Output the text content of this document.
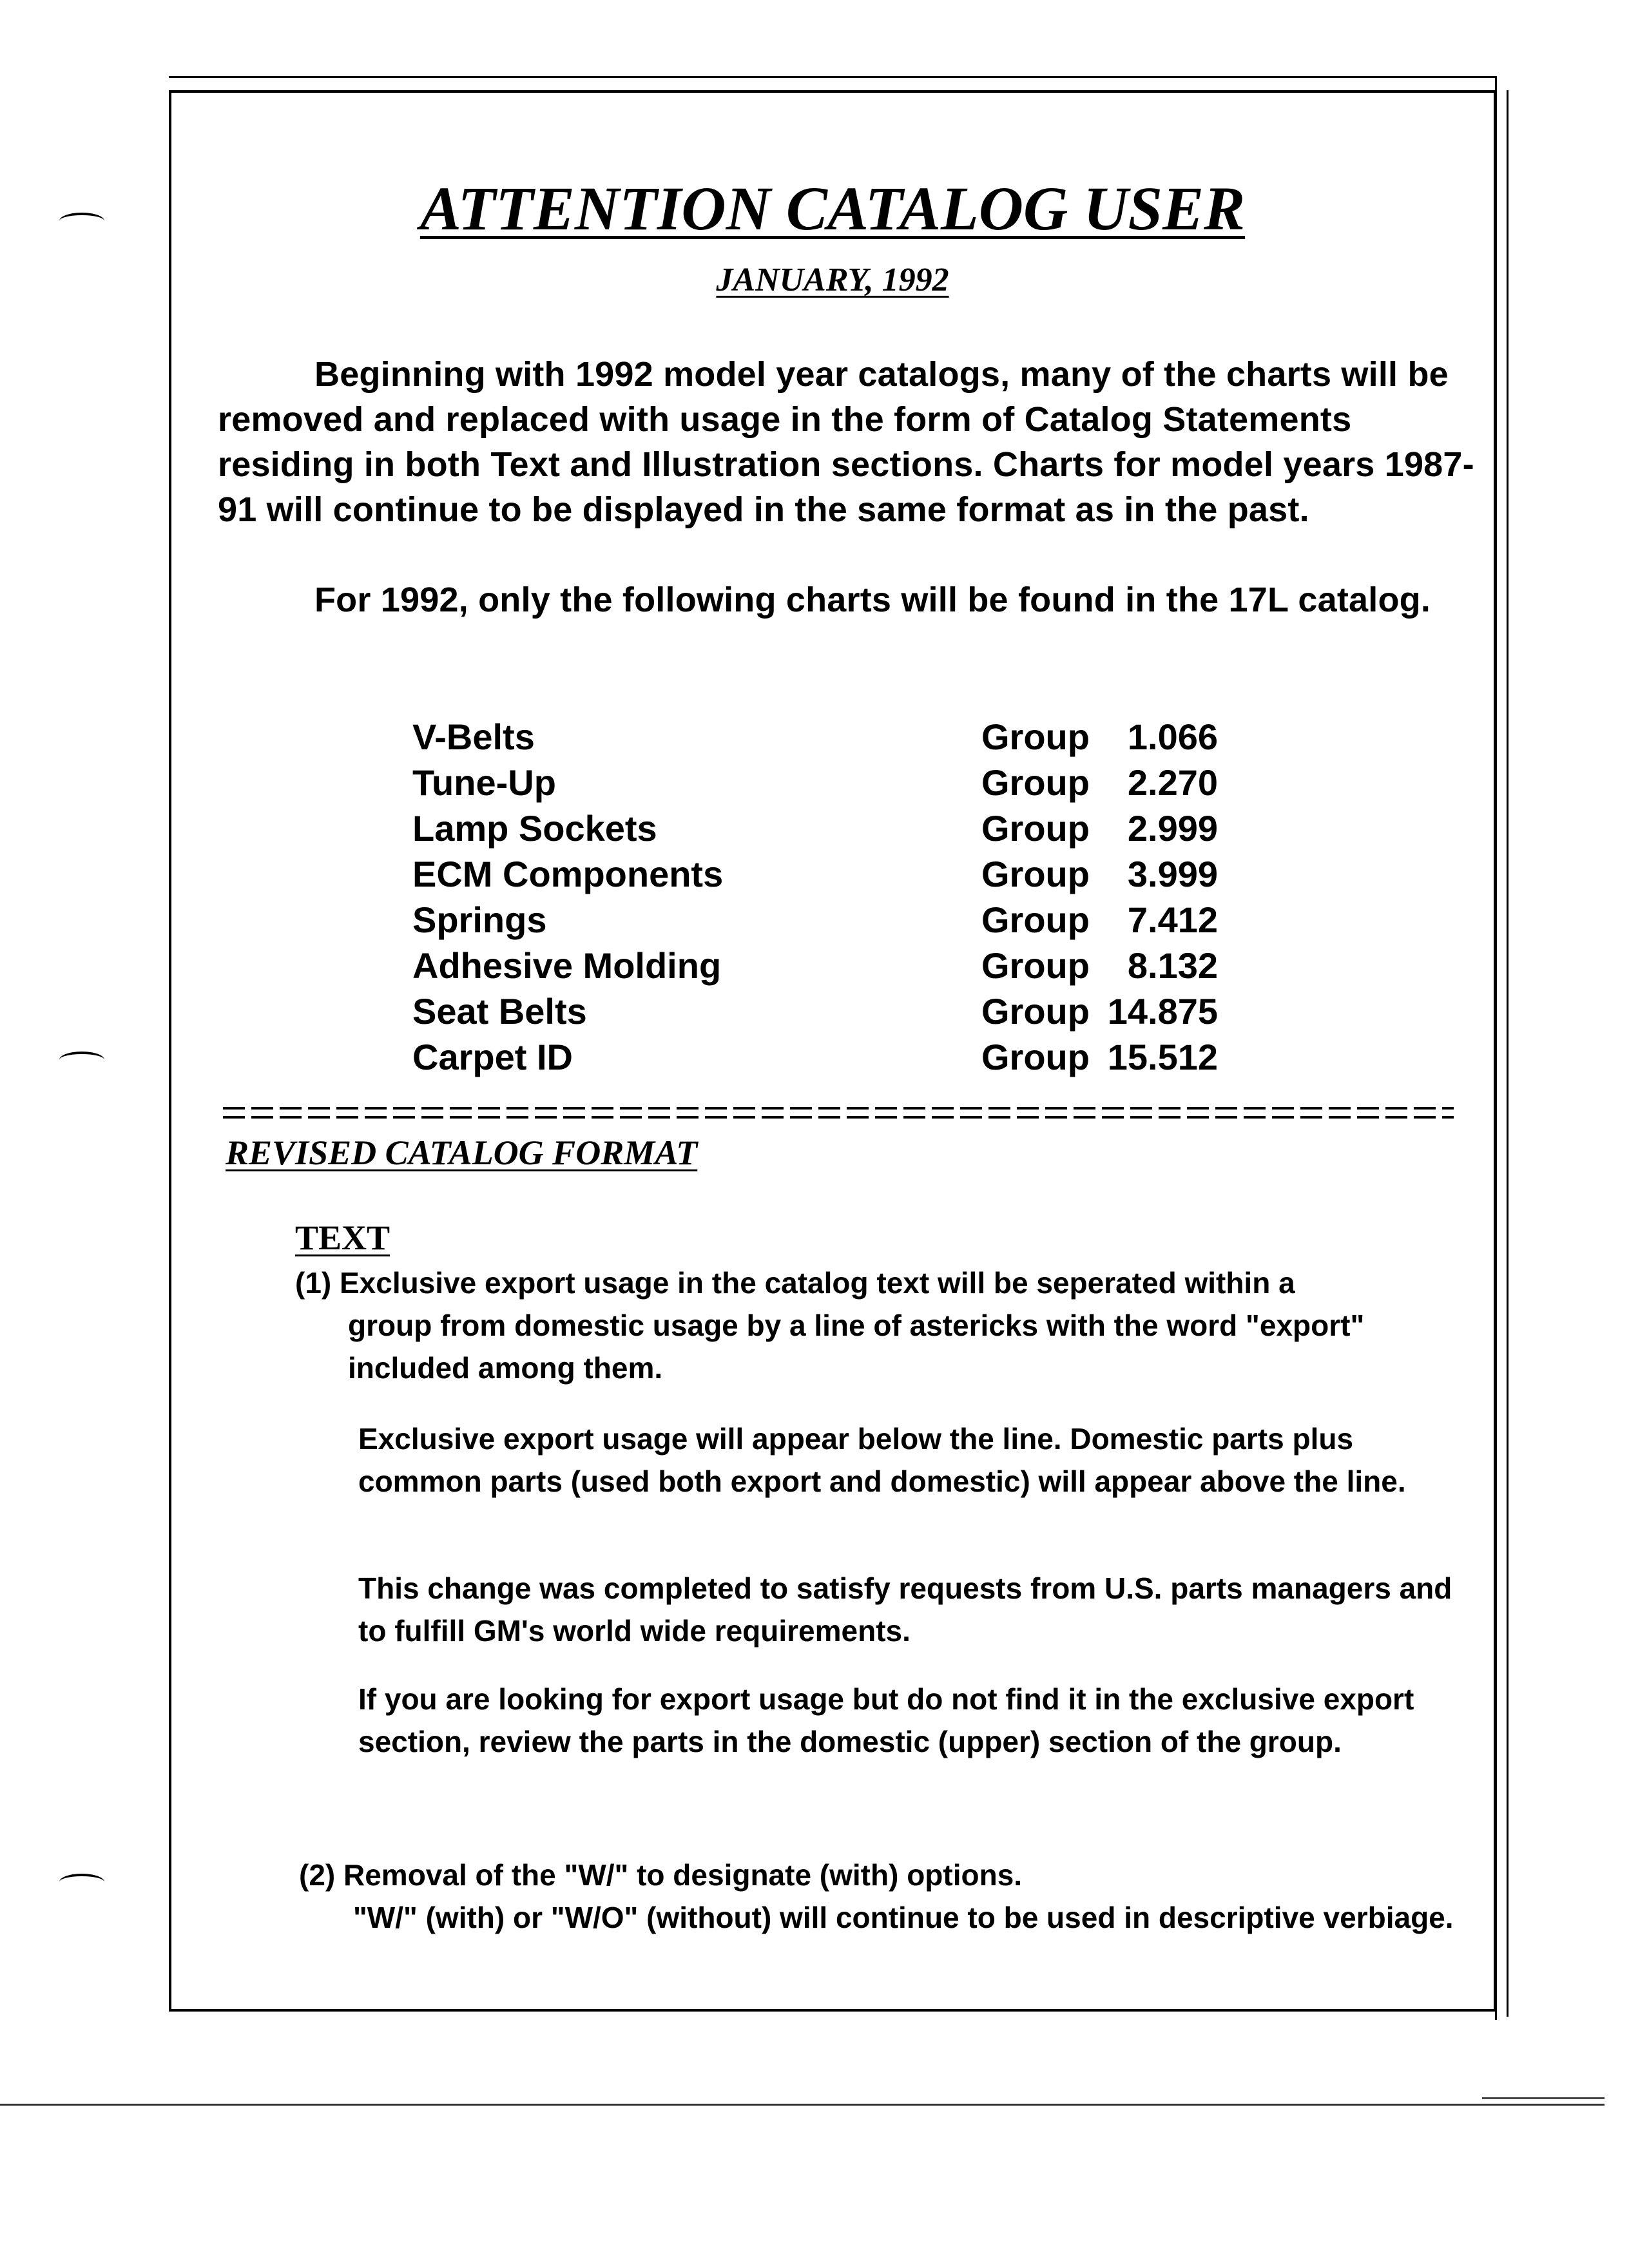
ATTENTION CATALOG USER
JANUARY, 1992
Beginning with 1992 model year catalogs, many of the charts will be removed and replaced with usage in the form of Catalog Statements residing in both Text and Illustration sections. Charts for model years 1987-91 will continue to be displayed in the same format as in the past.
For 1992, only the following charts will be found in the 17L catalog.
V-Belts	Group	1.066
Tune-Up	Group	2.270
Lamp Sockets	Group	2.999
ECM Components	Group	3.999
Springs	Group	7.412
Adhesive Molding	Group	8.132
Seat Belts	Group 14.875
Carpet ID	Group 15.512
REVISED CATALOG FORMAT
TEXT
(1) Exclusive export usage in the catalog text will be seperated within a
group from domestic usage by a line of astericks with the word "export" included among them.
Exclusive export usage will appear below the line. Domestic parts plus common parts (used both export and domestic) will appear above the line.
This change was completed to satisfy requests from U.S. parts managers and to fulfill GM's world wide requirements.
If you are looking for export usage but do not find it in the exclusive export section, review the parts in the domestic (upper) section of the group.
(2) Removal of the "W/" to designate (with) options.
"W/" (with) or "W/O" (without) will continue to be used in descriptive verbiage.
